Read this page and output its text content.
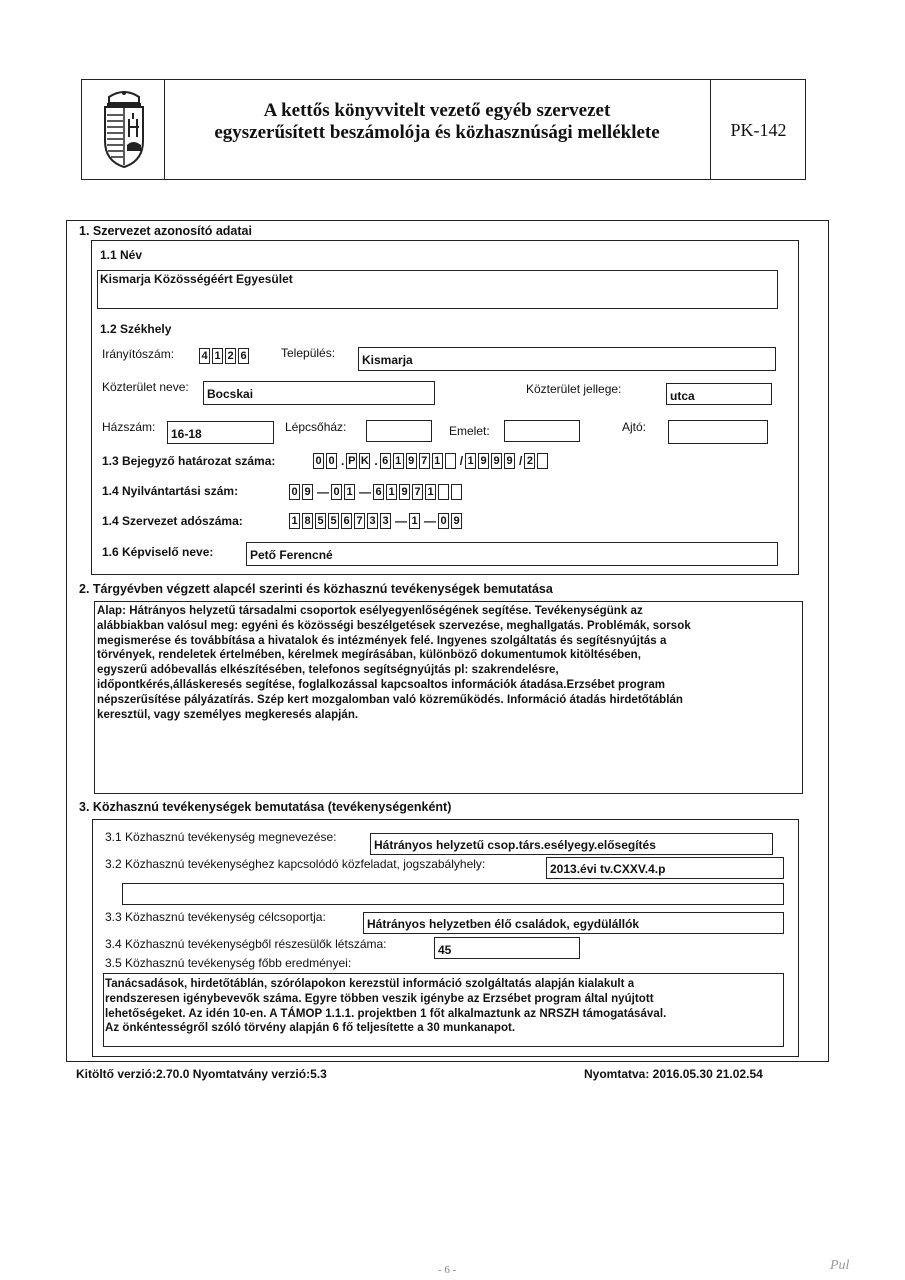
A kettős könyvvitelt vezető egyéb szervezet
egyszerűsített beszámolója és közhasznúsági melléklete	PK-142
1. Szervezet azonosító adatai
1.1 Név
Kismarja Közösségéért Egyesület
1.2 Székhely
Irányítószám: 4 1 2 6	Település: Kismarja
Közterület neve: Bocskai	Közterület jellege:	utca
Házszám: 16-18	Lépcsőház:	Emelet:	Ajtó:
1.3 Bejegyző határozat száma:	0 0 . P K . 6 1 9 7 1 / 1 9 9 9 / 2
1.4 Nyilvántartási szám:	0 9 — 0 1 — 6 1 9 7 1
1.4 Szervezet adószáma:	1 8 5 5 6 7 3 3 — 1 — 0 9
1.6 Képviselő neve:	Pető Ferencné
2. Tárgyévben végzett alapcél szerinti és közhasznú tevékenységek bemutatása
Alap: Hátrányos helyzetű társadalmi csoportok esélyegyenlőségének segítése. Tevékenységünk az
alábbiakban valósul meg: egyéni és közösségi beszélgetések szervezése, meghallgatás. Problémák, sorsok
megismerése és továbbítása a hivatalok és intézmények felé. Ingyenes szolgáltatás és segítésnyújtás a
törvények, rendeletek értelmében, kérelmek megírásában, különböző dokumentumok kitöltésében,
egyszerű adóbevallás elkészítésében, telefonos segítségnyújtás pl: szakrendelésre,
időpontkérés,álláskeresés segítése, foglalkozással kapcsoaltos információk átadása.Erzsébet program
népszerűsítése pályázatírás. Szép kert mozgalomban való közreműködés. Információ átadás hirdetőtáblán
keresztül, vagy személyes megkeresés alapján.
3. Közhasznú tevékenységek bemutatása (tevékenységenként)
3.1 Közhasznú tevékenység megnevezése:
Hátrányos helyzetű csop.társ.esélyegy.elősegítés
3.2 Közhasznú tevékenységhez kapcsolódó közfeladat, jogszabályhely:	2013.évi tv.CXXV.4.p
3.3 Közhasznú tevékenység célcsoportja:	Hátrányos helyzetben élő családok, egydülállók
3.4 Közhasznú tevékenységből részesülők létszáma:	45
3.5 Közhasznú tevékenység főbb eredményei:
Tanácsadások, hirdetőtáblán, szórólapokon kerezstül információ szolgáltatás alapján kialakult a
rendszeresen igénybevevők száma. Egyre többen veszik igénybe az Erzsébet program által nyújtott
lehetőségeket. Az idén 10-en. A TÁMOP 1.1.1. projektben 1 főt alkalmaztunk az NRSZH támogatásával.
Az önkéntességről szóló törvény alapján 6 fő teljesítette a 30 munkanapot.
Kitöltő verzió:2.70.0 Nyomtatvány verzió:5.3	Nyomtatva: 2016.05.30 21.02.54
- 6 -	Pul
